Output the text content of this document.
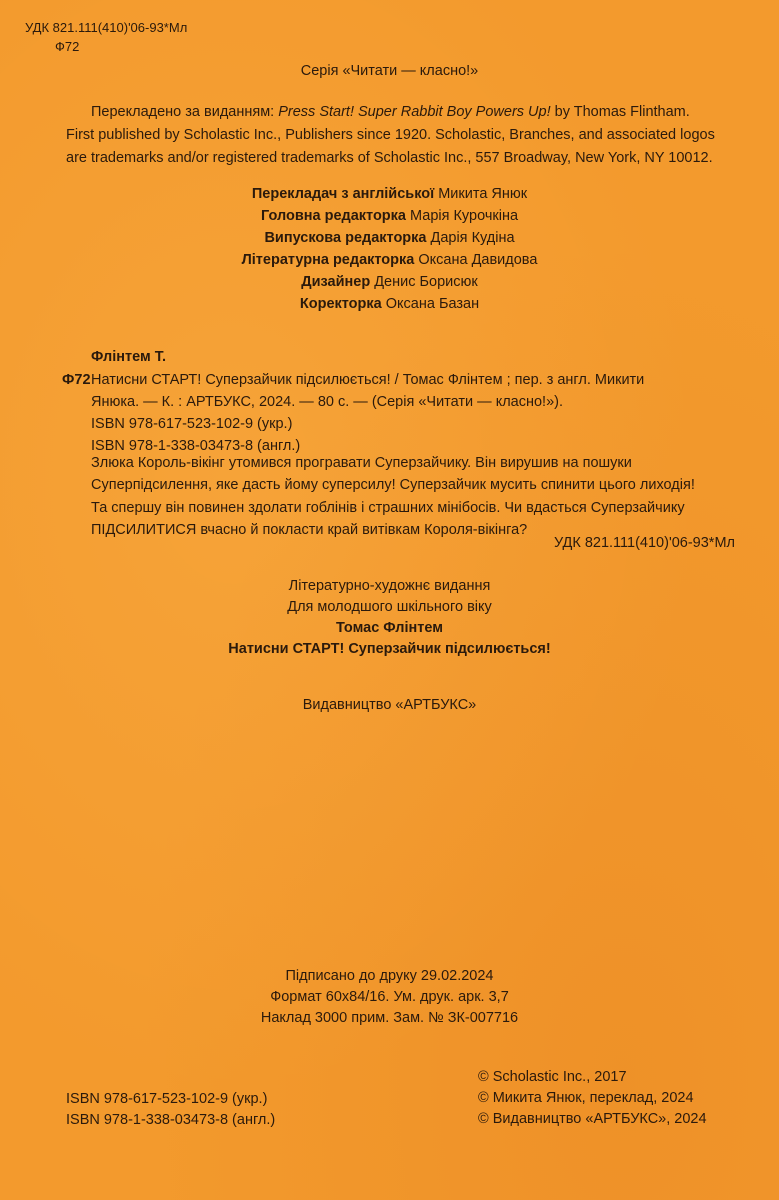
УДК 821.111(410)'06-93*Мл
Ф72
Серія «Читати — класно!»
Перекладено за виданням: Press Start! Super Rabbit Boy Powers Up! by Thomas Flintham.
First published by Scholastic Inc., Publishers since 1920. Scholastic, Branches, and associated logos
are trademarks and/or registered trademarks of Scholastic Inc., 557 Broadway, New York, NY 10012.
Перекладач з англійської Микита Янюк
Головна редакторка Марія Курочкіна
Випускова редакторка Дарія Кудіна
Літературна редакторка Оксана Давидова
Дизайнер Денис Борисюк
Коректорка Оксана Базан
Флінтем Т.
Ф72 Натисни СТАРТ! Суперзайчик підсилюється! / Томас Флінтем ; пер. з англ. Микити
Янюка. — К. : АРТБУКС, 2024. — 80 с. — (Серія «Читати — класно!»).
ISBN 978-617-523-102-9 (укр.)
ISBN 978-1-338-03473-8 (англ.)
Злюка Король-вікінг утомився програвати Суперзайчику. Він вирушив на пошуки
Суперпідсилення, яке дасть йому суперсилу! Суперзайчик мусить спинити цього лиходія!
Та спершу він повинен здолати гоблінів і страшних мінібосів. Чи вдасться Суперзайчику
ПІДСИЛИТИСЯ вчасно й покласти край витівкам Короля-вікінга?
УДК 821.111(410)'06-93*Мл
Літературно-художнє видання
Для молодшого шкільного віку
Томас Флінтем
Натисни СТАРТ! Суперзайчик підсилюється!
Видавництво «АРТБУКС»
Підписано до друку 29.02.2024
Формат 60x84/16. Ум. друк. арк. 3,7
Наклад 3000 прим. Зам. № ЗК-007716
ISBN 978-617-523-102-9 (укр.)
ISBN 978-1-338-03473-8 (англ.)
© Scholastic Inc., 2017
© Микита Янюк, переклад, 2024
© Видавництво «АРТБУКС», 2024
